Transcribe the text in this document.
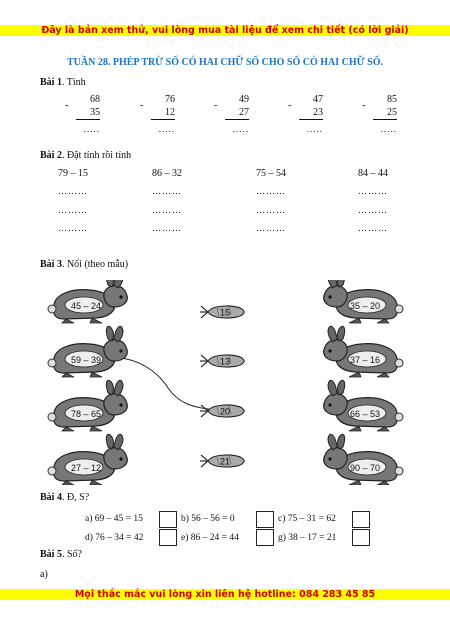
Đây là bản xem thử, vui lòng mua tài liệu để xem chi tiết (có lời giải)
TUẦN 28. PHÉP TRỪ SỐ CÓ HAI CHỮ SỐ CHO SỐ CÓ HAI CHỮ SỐ.
Bài 1. Tính
-
68
35
.....
-
76
12
.....
-
49
27
.....
-
47
23
.....
-
85
25
.....
Bài 2. Đặt tính rồi tính
79 – 15	86 – 32	75 – 54	84 – 44
………	………	………	………
………	………	………	………
………	………	………	………
Bài 3. Nối (theo mẫu)
45 – 24
59 – 39
78 – 65
27 – 12
15
13
20
21
35 – 20
37 – 16
66 – 53
90 – 70
Bài 4. Đ, S?
a) 69 – 45 = 15	b) 56 – 56 = 0	c) 75 – 31 = 62
d) 76 – 34 = 42	e) 86 – 24 = 44	g) 38 – 17 = 21
Bài 5. Số?
a)
Mọi thắc mắc vui lòng xin liên hệ hotline: 084 283 45 85
